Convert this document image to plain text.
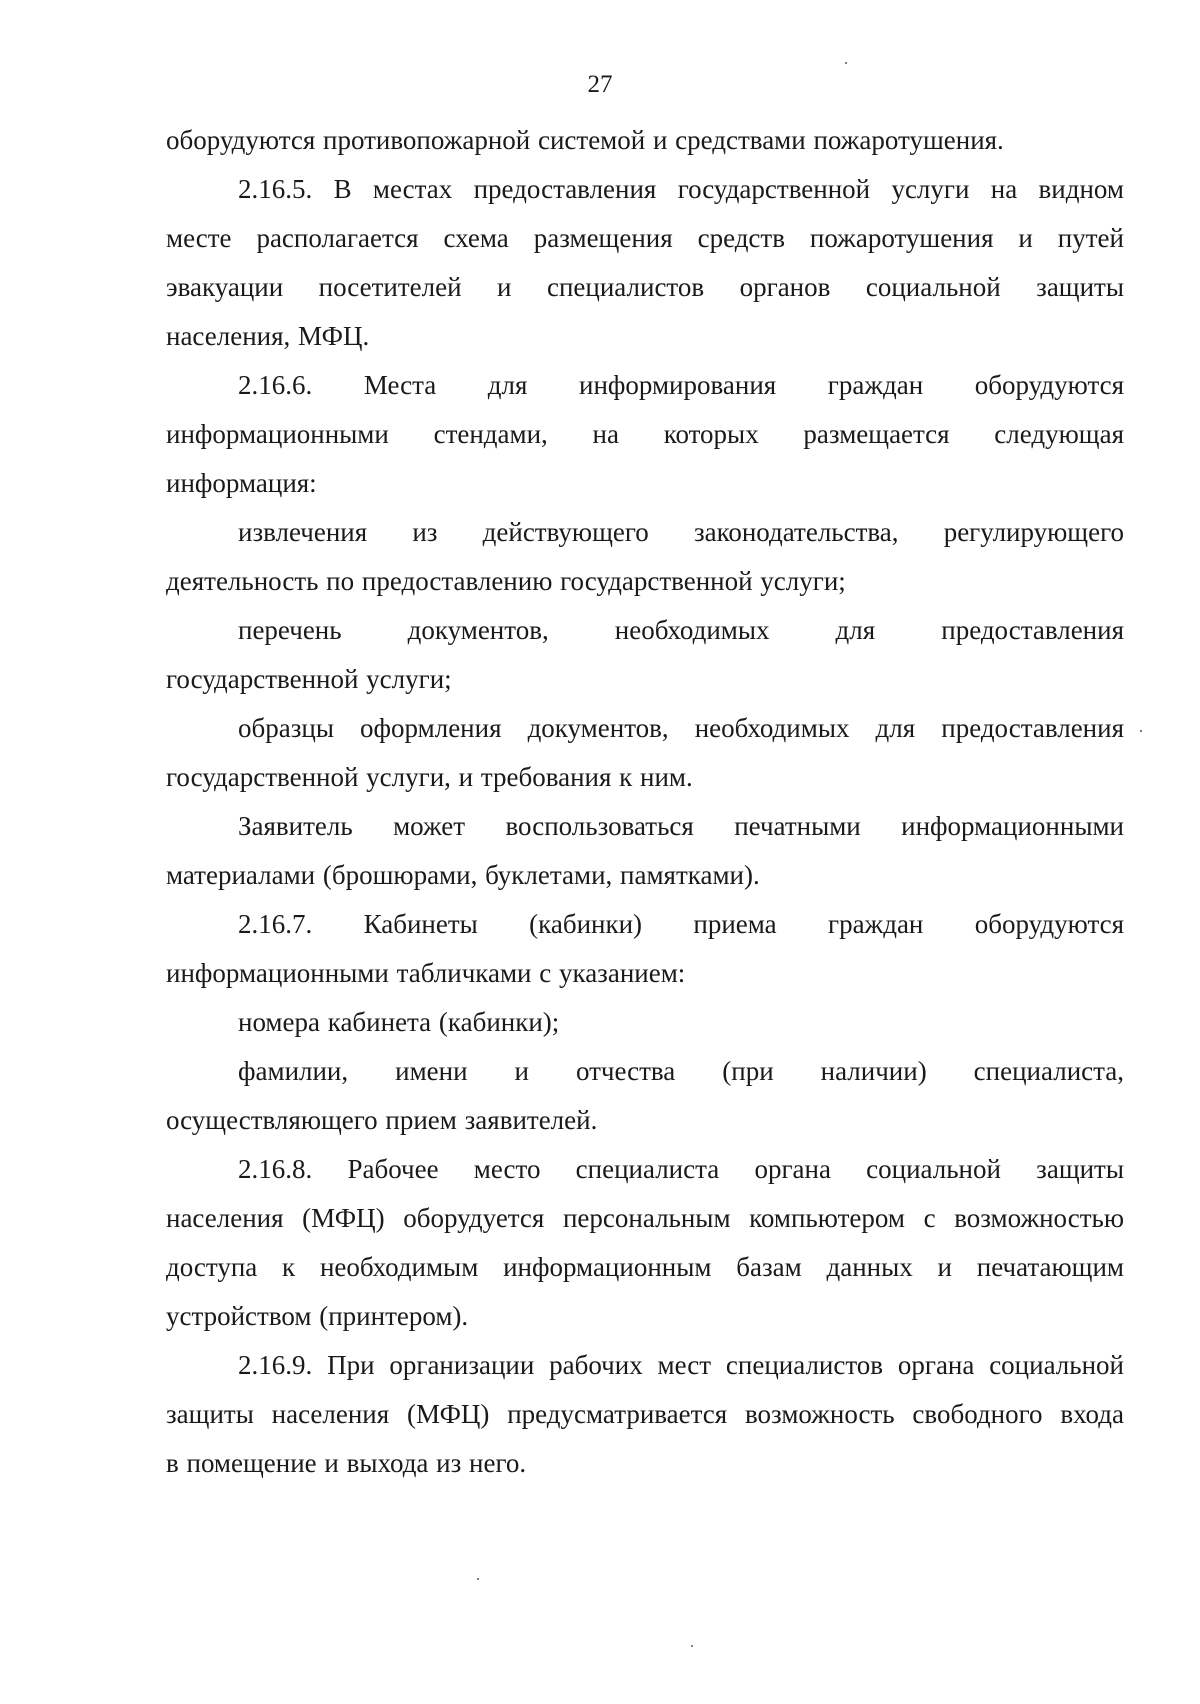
27

оборудуются противопожарной системой и средствами пожаротушения.

2.16.5. В местах предоставления государственной услуги на видном

месте располагается схема размещения средств пожаротушения и путей

эвакуации посетителей и специалистов органов социальной защиты

населения, МФЦ.

2.16.6. Места для информирования граждан оборудуются

информационными стендами, на которых размещается следующая

информация:

извлечения из действующего законодательства, регулирующего

деятельность по предоставлению государственной услуги;

перечень документов, необходимых для предоставления

государственной услуги;

образцы оформления документов, необходимых для предоставления

государственной услуги, и требования к ним.

Заявитель может воспользоваться печатными информационными

материалами (брошюрами, буклетами, памятками).

2.16.7. Кабинеты (кабинки) приема граждан оборудуются

информационными табличками с указанием:

номера кабинета (кабинки);

фамилии, имени и отчества (при наличии) специалиста,

осуществляющего прием заявителей.

2.16.8. Рабочее место специалиста органа социальной защиты

населения (МФЦ) оборудуется персональным компьютером с возможностью

доступа к необходимым информационным базам данных и печатающим

устройством (принтером).

2.16.9. При организации рабочих мест специалистов органа социальной

защиты населения (МФЦ) предусматривается возможность свободного входа

в помещение и выхода из него.
